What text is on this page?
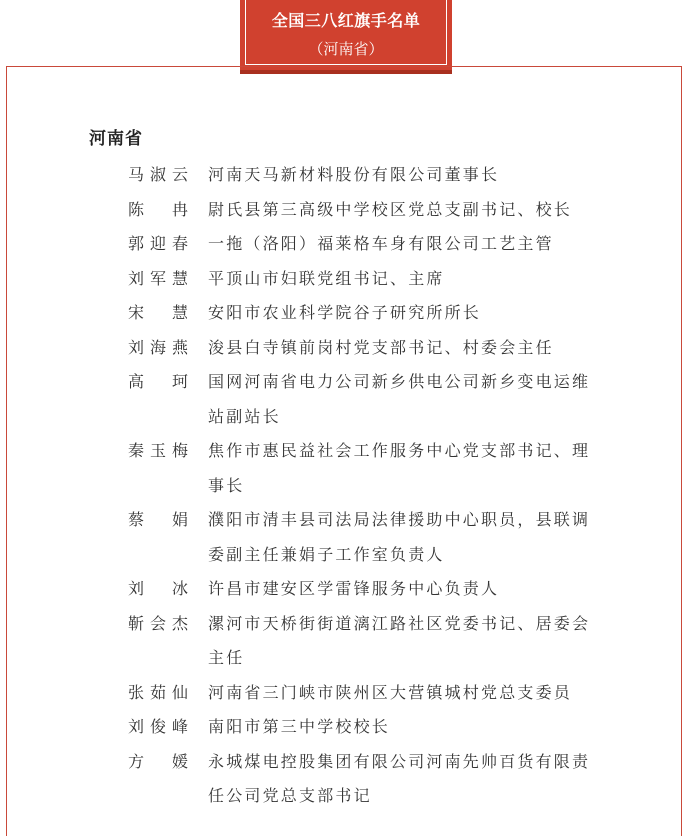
全国三八红旗手名单
（河南省）
河南省
马淑云 河南天马新材料股份有限公司董事长
陈　冉 尉氏县第三高级中学校区党总支副书记、校长
郭迎春 一拖（洛阳）福莱格车身有限公司工艺主管
刘军慧 平顶山市妇联党组书记、主席
宋　慧 安阳市农业科学院谷子研究所所长
刘海燕 浚县白寺镇前岗村党支部书记、村委会主任
高　珂 国网河南省电力公司新乡供电公司新乡变电运维站副站长
秦玉梅 焦作市惠民益社会工作服务中心党支部书记、理事长
蔡　娟 濮阳市清丰县司法局法律援助中心职员，县联调委副主任兼娟子工作室负责人
刘　冰 许昌市建安区学雷锋服务中心负责人
靳会杰 漯河市天桥街街道漓江路社区党委书记、居委会主任
张茹仙 河南省三门峡市陕州区大营镇城村党总支委员
刘俊峰 南阳市第三中学校校长
方　媛 永城煤电控股集团有限公司河南先帅百货有限责任公司党总支部书记
